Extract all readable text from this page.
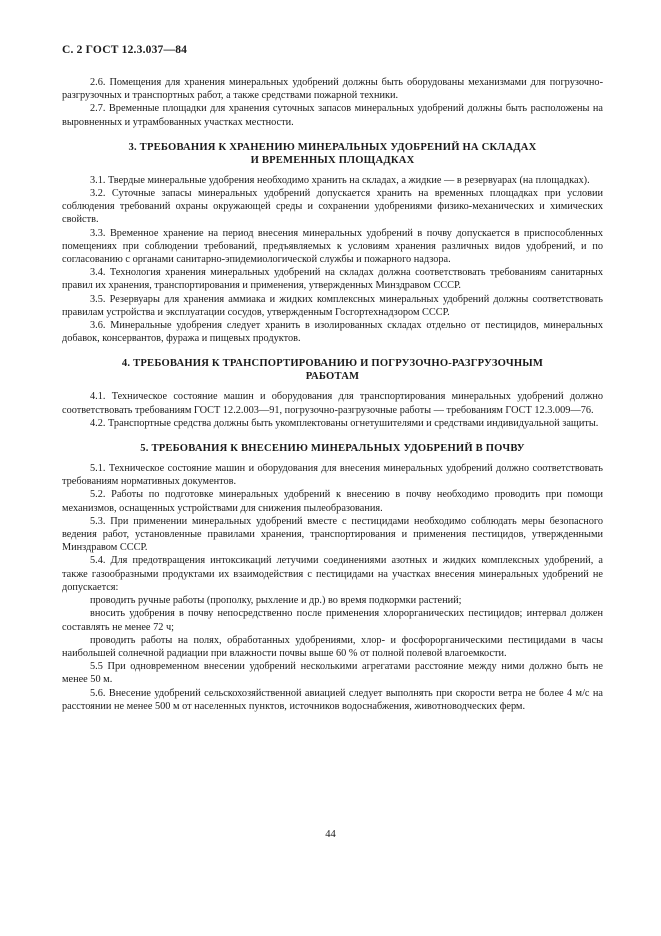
С. 2 ГОСТ 12.3.037—84

2.6. Помещения для хранения минеральных удобрений должны быть оборудованы механизмами для погрузочно-разгрузочных и транспортных работ, а также средствами пожарной техники.

2.7. Временные площадки для хранения суточных запасов минеральных удобрений должны быть расположены на выровненных и утрамбованных участках местности.

3. ТРЕБОВАНИЯ К ХРАНЕНИЮ МИНЕРАЛЬНЫХ УДОБРЕНИЙ НА СКЛАДАХ
И ВРЕМЕННЫХ ПЛОЩАДКАХ

3.1. Твердые минеральные удобрения необходимо хранить на складах, а жидкие — в резервуарах (на площадках).

3.2. Суточные запасы минеральных удобрений допускается хранить на временных площадках при условии соблюдения требований охраны окружающей среды и сохранении удобрениями физико-механических и химических свойств.

3.3. Временное хранение на период внесения минеральных удобрений в почву допускается в приспособленных помещениях при соблюдении требований, предъявляемых к условиям хранения различных видов удобрений, и по согласованию с органами санитарно-эпидемиологической службы и пожарного надзора.

3.4. Технология хранения минеральных удобрений на складах должна соответствовать требованиям санитарных правил их хранения, транспортирования и применения, утвержденных Минздравом СССР.

3.5. Резервуары для хранения аммиака и жидких комплексных минеральных удобрений должны соответствовать правилам устройства и эксплуатации сосудов, утвержденным Госгортехнадзором СССР.

3.6. Минеральные удобрения следует хранить в изолированных складах отдельно от пестицидов, минеральных добавок, консервантов, фуража и пищевых продуктов.

4. ТРЕБОВАНИЯ К ТРАНСПОРТИРОВАНИЮ И ПОГРУЗОЧНО-РАЗГРУЗОЧНЫМ
РАБОТАМ

4.1. Техническое состояние машин и оборудования для транспортирования минеральных удобрений должно соответствовать требованиям ГОСТ 12.2.003—91, погрузочно-разгрузочные работы — требованиям ГОСТ 12.3.009—76.

4.2. Транспортные средства должны быть укомплектованы огнетушителями и средствами индивидуальной защиты.

5. ТРЕБОВАНИЯ К ВНЕСЕНИЮ МИНЕРАЛЬНЫХ УДОБРЕНИЙ В ПОЧВУ

5.1. Техническое состояние машин и оборудования для внесения минеральных удобрений должно соответствовать требованиям нормативных документов.

5.2. Работы по подготовке минеральных удобрений к внесению в почву необходимо проводить при помощи механизмов, оснащенных устройствами для снижения пылеобразования.

5.3. При применении минеральных удобрений вместе с пестицидами необходимо соблюдать меры безопасного ведения работ, установленные правилами хранения, транспортирования и применения пестицидов, утвержденными Минздравом СССР.

5.4. Для предотвращения интоксикаций летучими соединениями азотных и жидких комплексных удобрений, а также газообразными продуктами их взаимодействия с пестицидами на участках внесения минеральных удобрений не допускается:

проводить ручные работы (прополку, рыхление и др.) во время подкормки растений;

вносить удобрения в почву непосредственно после применения хлорорганических пестицидов; интервал должен составлять не менее 72 ч;

проводить работы на полях, обработанных удобрениями, хлор- и фосфорорганическими пестицидами в часы наибольшей солнечной радиации при влажности почвы выше 60 % от полной полевой влагоемкости.

5.5 При одновременном внесении удобрений несколькими агрегатами расстояние между ними должно быть не менее 50 м.

5.6. Внесение удобрений сельскохозяйственной авиацией следует выполнять при скорости ветра не более 4 м/с на расстоянии не менее 500 м от населенных пунктов, источников водоснабжения, животноводческих ферм.

44
